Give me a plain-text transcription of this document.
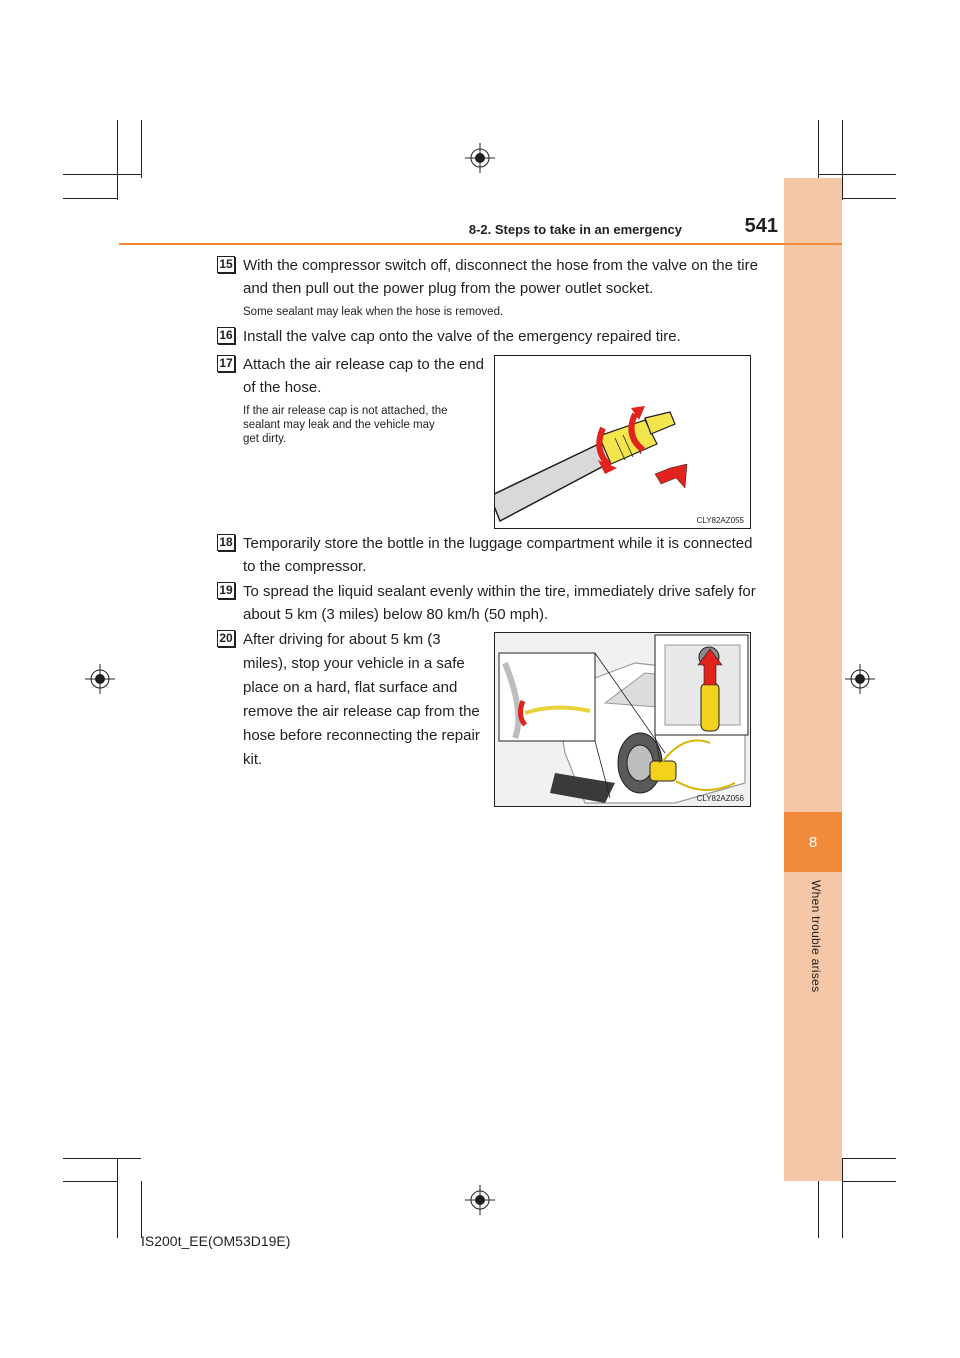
8
When trouble arises
8-2. Steps to take in an emergency	541
15 With the compressor switch off, disconnect the hose from the valve on the tire
and then pull out the power plug from the power outlet socket.
Some sealant may leak when the hose is removed.
16 Install the valve cap onto the valve of the emergency repaired tire.
17 Attach the air release cap to the end
of the hose.
If the air release cap is not attached, the
sealant may leak and the vehicle may
get dirty.
CLY82AZ055
18 Temporarily store the bottle in the luggage compartment while it is connected
to the compressor.
19 To spread the liquid sealant evenly within the tire, immediately drive safely for
about 5 km (3 miles) below 80 km/h (50 mph).
20 After driving for about 5 km (3
miles), stop your vehicle in a safe
place on a hard, flat surface and
remove the air release cap from the
hose before reconnecting the repair
kit.
CLY82AZ056
IS200t_EE(OM53D19E)
